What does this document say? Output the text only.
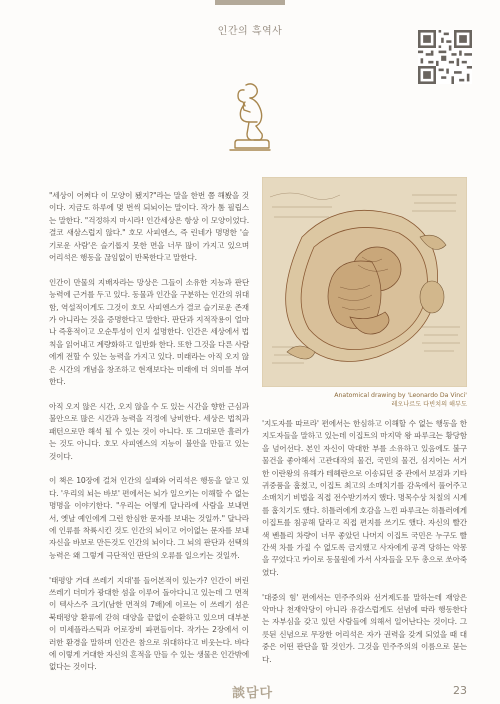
인간의 흑역사
Anatomical drawing by 'Leonardo Da Vinci'
레오나르도 다빈치의 해부도

"세상이 어쩌다 이 모양이 됐지?"라는 말을 한번 쯤 해봤을 것이다. 지금도 하루에 몇 번씩 되뇌이는 말이다. 작가 톰 필립스는 말한다. "걱정하지 마시라! 인간세상은 항상 이 모양이었다. 결코 새삼스럽지 않다." 호모 사피엔스, 즉 린네가 명명한 '슬기로운 사람'은 슬기롭지 못한 면을 너무 많이 가지고 있으며 어리석은 행동을 끊임없이 반복한다고 말한다.

인간이 만물의 지배자라는 망상은 그들이 소유한 지능과 판단능력에 근거를 두고 있다. 동물과 인간을 구분하는 인간의 위대함, 역설적이게도 그것이 호모 사피엔스가 결코 슬기로운 존재가 아니라는 것을 증명한다고 말한다. 판단과 지적작용이 얼마나 즉흥적이고 오순투성이 인지 설명한다. 인간은 세상에서 법칙을 읽어내고 계량화하고 일반화 한다. 또한 그것을 다른 사람에게 전할 수 있는 능력을 가지고 있다. 미래라는 아직 오지 않은 시간의 개념을 창조하고 현재보다는 미래에 더 의미를 부여한다.

아직 오지 않은 시간, 오지 않을 수 도 있는 시간을 향한 근심과 불안으로 많은 시간과 능력을 걱정에 낭비한다. 세상은 법칙과 패턴으로만 해석 될 수 있는 것이 아니다. 또 그대로만 흘러가는 것도 아니다. 호모 사피엔스의 지능이 불안을 만들고 있는 것이다.

이 책은 10장에 걸쳐 인간의 실패와 어리석은 행동을 알고 있다. '우리의 뇌는 바보' 편에서는 뇌가 일으키는 이해할 수 없는 명명을 이야기한다. "우리는 어떻게 달나라에 사람을 보내면서, 옛날 예인에게 그런 한심한 문자를 보내는 것일까." 달나라에 인류를 착륙시킨 것도 인간의 뇌이고 어이없는 문자를 보내 자신을 바보로 만든것도 인간의 뇌이다. 그 뇌의 판단과 선택의 능력은 왜 그렇게 극단적인 판단의 오류를 일으키는 것일까.

'태평양 거대 쓰레기 지대'를 들어본적이 있는가? 인간이 버린 쓰레기 더미가 광대한 섬을 이루어 돌아다니고 있는데 그 면적이 텍사스주 크기(남한 면적의 7배)에 이르는 이 쓰레기 섬은 북태평양 환류에 갇혀 대양을 끝없이 순환하고 있으며 대부분이 미세플라스틱과 어로장비 파편들이다. 작가는 2장에서 이러한 환경을 말하며 인간은 참으로 위대하다고 비웃는다. 바다에 이렇게 거대한 자신의 흔적을 만들 수 있는 생물은 인간밖에 없다는 것이다.

'지도자를 따르라' 편에서는 한심하고 이해할 수 없는 행동을 한 지도자들을 말하고 있는데 이집트의 마지막 왕 파루크는 황당함을 넘어선다. 본인 자신이 막대한 부를 소유하고 있음에도 불구 물건을 좋아해서 고관대작의 물건, 국민의 물건, 심지어는 서거한 이란왕의 유해가 테헤란으로 이송되던 중 관에서 보검과 기타 귀중품을 훔쳤고, 이집트 최고의 소매치기를 감옥에서 풀어주고 소매치기 비법을 직접 전수받기까지 했다. 명목수상 처칠의 시계를 훔치기도 했다. 히틀러에게 호감을 느낀 파루크는 히틀러에게 이집트를 침공해 달라고 직접 편지를 쓰기도 했다. 자신의 빨간색 벤틀리 차량이 너무 좋았던 나머지 이집트 국민은 누구도 빨간색 차를 가질 수 없도록 금지했고 사자에게 공격 당하는 악몽을 꾸었다고 카이로 동물원에 가서 사자들을 모두 총으로 쏘아죽였다.

'대중의 힘' 편에서는 민주주의와 선거제도를 말하는데 재앙은 악마나 천재악당이 아니라 유감스럽게도 선념에 따라 행동한다는 자부심을 갖고 있던 사람들에 의해서 일어난다는 것이다. 그릇된 신념으로 무장한 어리석은 자가 권력을 갖게 되었을 때 대중은 어떤 판단을 할 것인가. 그것을 민주주의의 이름으로 묻는다.

談담다	23
